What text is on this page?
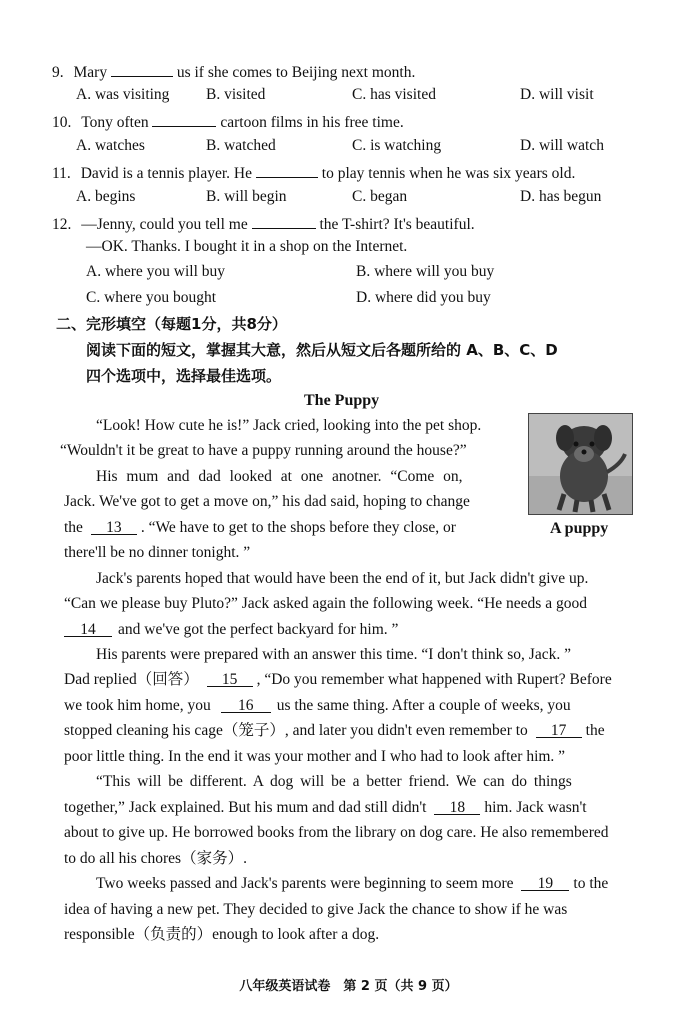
9. Mary	us if she comes to Beijing next month.
A. was visiting B. visited	C. has visited	D. will visit
10. Tony often	cartoon films in his free time.
A. watches	B. watched	C. is watching	D. will watch
11. David is a tennis player. He	to play tennis when he was six years old.
A. begins	B. will begin	C. began	D. has begun
12. —Jenny, could you tell me	the T-shirt? It's beautiful.
—OK. Thanks. I bought it in a shop on the Internet.
A. where you will buy	B. where will you buy
C. where you bought	D. where did you buy
二、完形填空（每题1分，共8分）
阅读下面的短文，掌握其大意，然后从短文后各题所给的 A、B、C、D
四个选项中，选择最佳选项。
The Puppy
A puppy
“Look! How cute he is!” Jack cried, looking into the pet shop.
“Wouldn't it be great to have a puppy running around the house?”
His mum and dad looked at one anotner. “Come on,
Jack. We've got to get a move on,” his dad said, hoping to change
the 13 . “We have to get to the shops before they close, or
there'll be no dinner tonight. ”
Jack's parents hoped that would have been the end of it, but Jack didn't give up.
“Can we please buy Pluto?” Jack asked again the following week. “He needs a good
14 and we've got the perfect backyard for him. ”
His parents were prepared with an answer this time. “I don't think so, Jack. ”
Dad replied（回答） 15 , “Do you remember what happened with Rupert? Before
we took him home, you 16 us the same thing. After a couple of weeks, you
stopped cleaning his cage（笼子）, and later you didn't even remember to 17 the
poor little thing. In the end it was your mother and I who had to look after him. ”
“This will be different. A dog will be a better friend. We can do things
together,” Jack explained. But his mum and dad still didn't 18 him. Jack wasn't
about to give up. He borrowed books from the library on dog care. He also remembered
to do all his chores（家务）.
Two weeks passed and Jack's parents were beginning to seem more 19 to the
idea of having a new pet. They decided to give Jack the chance to show if he was
responsible（负责的）enough to look after a dog.
八年级英语试卷　第 2 页（共 9 页）
